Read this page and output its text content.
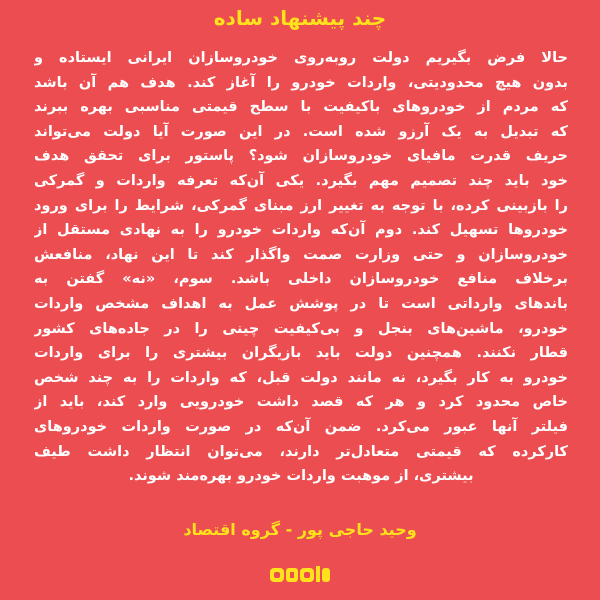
چند پیشنهاد ساده
حالا فرض بگیریم دولت روبه‌روی خودروسازان ایرانی ایستاده و
بدون هیچ محدودیتی، واردات خودرو را آغاز کند. هدف هم آن باشد
که مردم از خودروهای باکیفیت با سطح قیمتی مناسبی بهره ببرند
که تبدیل به یک آرزو شده است. در این صورت آیا دولت می‌تواند
حریف قدرت مافیای خودروسازان شود؟ پاستور برای تحقق هدف
خود باید چند تصمیم مهم بگیرد. یکی آن‌که تعرفه واردات و گمرکی
را بازبینی کرده، با توجه به تغییر ارز مبنای گمرکی، شرایط را برای ورود
خودروها تسهیل کند. دوم آن‌که واردات خودرو را به نهادی مستقل از
خودروسازان و حتی وزارت صمت واگذار کند تا این نهاد، منافعش
برخلاف منافع خودروسازان داخلی باشد. سوم، «نه» گفتن به
باندهای وارداتی است تا در پوشش عمل به اهداف مشخص واردات
خودرو، ماشین‌های بنجل و بی‌کیفیت چینی را در جاده‌های کشور
قطار نکنند. همچنین دولت باید بازیگران بیشتری را برای واردات
خودرو به کار بگیرد، نه مانند دولت قبل، که واردات را به چند شخص
خاص محدود کرد و هر که قصد داشت خودرویی وارد کند، باید از
فیلتر آنها عبور می‌کرد. ضمن آن‌که در صورت واردات خودروهای
کارکرده که قیمتی متعادل‌تر دارند، می‌توان انتظار داشت طیف
بیشتری، از موهبت واردات خودرو بهره‌مند شوند.
وحید حاجی پور - گروه اقتصاد
